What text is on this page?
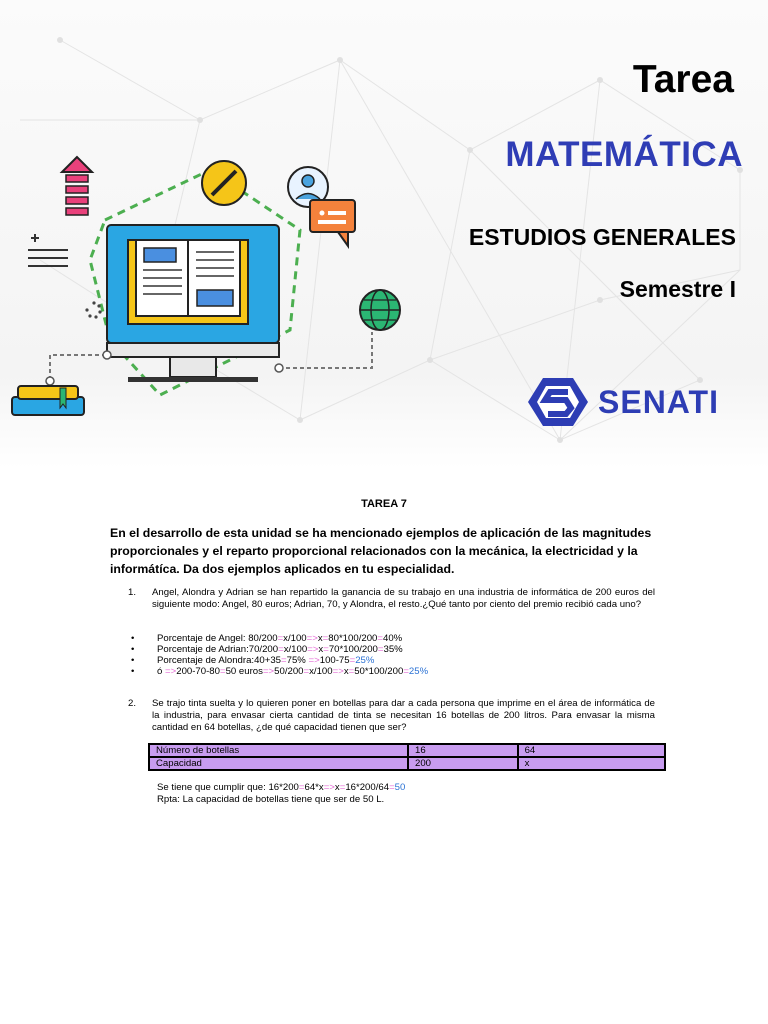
Tarea
MATEMÁTICA
ESTUDIOS GENERALES
Semestre I
SENATI
TAREA 7
En el desarrollo de esta unidad se ha mencionado ejemplos de aplicación de las magnitudes proporcionales y el reparto proporcional relacionados con la mecánica, la electricidad y la informátíca. Da dos ejemplos aplicados en tu especialidad.
1. Angel, Alondra y Adrian se han repartido la ganancia de su trabajo en una industria de informática de 200 euros del siguiente modo: Angel, 80 euros; Adrian, 70, y Alondra, el resto.¿Qué tanto por ciento del premio recibió cada uno?
•	Porcentaje de Angel: 80/200=x/100=>x=80*100/200=40%
•	Porcentaje de Adrian:70/200=x/100=>x=70*100/200=35%
•	Porcentaje de Alondra:40+35=75% =>100-75=25%
•	ó =>200-70-80=50 euros=>50/200=x/100=>x=50*100/200=25%
2. Se trajo tinta suelta y lo quieren poner en botellas para dar a cada persona que imprime en el área de informática de la industria, para envasar cierta cantidad de tinta se necesitan 16 botellas de 200 litros. Para envasar la misma cantidad en 64 botellas, ¿de qué capacidad tienen que ser?
Número de botellas	16	64
Capacidad	200	x
Se tiene que cumplir que: 16*200=64*x=>x=16*200/64=50
Rpta: La capacidad de botellas tiene que ser de 50 L.
